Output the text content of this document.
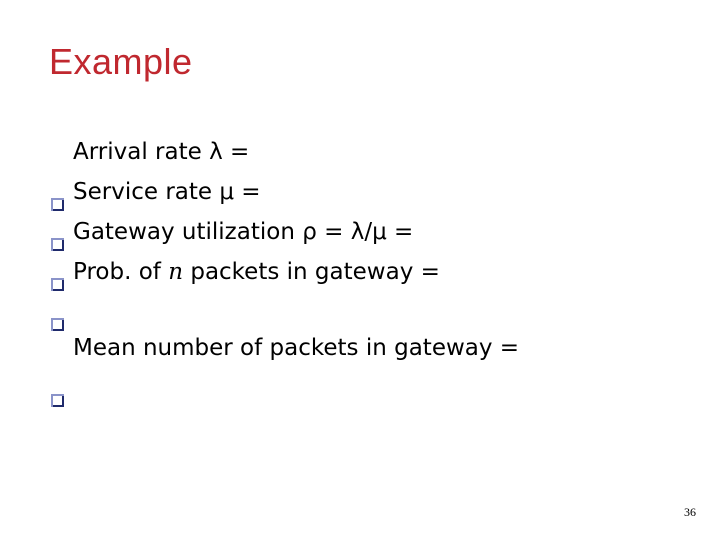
Example

Arrival rate λ =

Service rate μ =

Gateway utilization ρ = λ/μ =

Prob. of n packets in gateway =

Mean number of packets in gateway =
36
